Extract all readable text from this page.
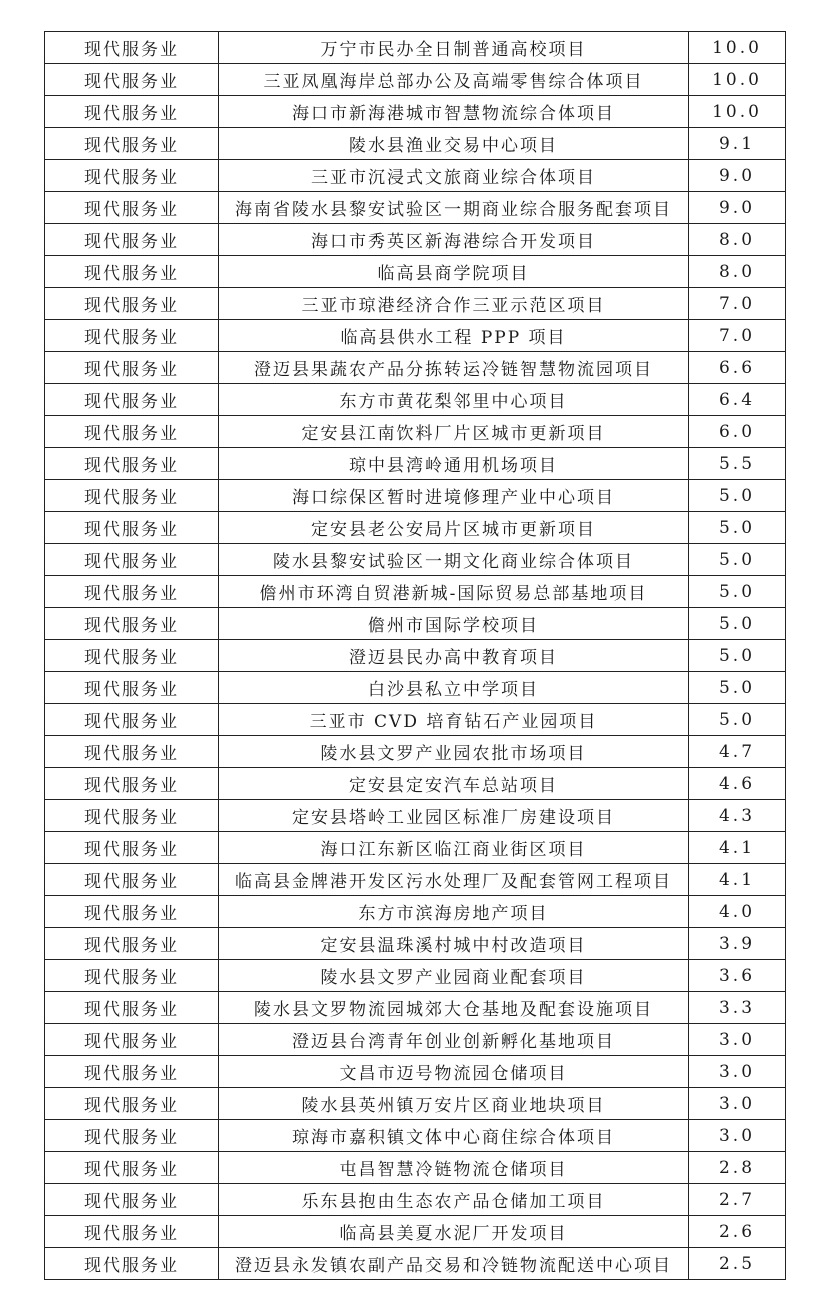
现代服务业	万宁市民办全日制普通高校项目	10.0
现代服务业	三亚凤凰海岸总部办公及高端零售综合体项目	10.0
现代服务业	海口市新海港城市智慧物流综合体项目	10.0
现代服务业	陵水县渔业交易中心项目	9.1
现代服务业	三亚市沉浸式文旅商业综合体项目	9.0
现代服务业	海南省陵水县黎安试验区一期商业综合服务配套项目	9.0
现代服务业	海口市秀英区新海港综合开发项目	8.0
现代服务业	临高县商学院项目	8.0
现代服务业	三亚市琼港经济合作三亚示范区项目	7.0
现代服务业	临高县供水工程 PPP 项目	7.0
现代服务业	澄迈县果蔬农产品分拣转运冷链智慧物流园项目	6.6
现代服务业	东方市黄花梨邻里中心项目	6.4
现代服务业	定安县江南饮料厂片区城市更新项目	6.0
现代服务业	琼中县湾岭通用机场项目	5.5
现代服务业	海口综保区暂时进境修理产业中心项目	5.0
现代服务业	定安县老公安局片区城市更新项目	5.0
现代服务业	陵水县黎安试验区一期文化商业综合体项目	5.0
现代服务业	儋州市环湾自贸港新城-国际贸易总部基地项目	5.0
现代服务业	儋州市国际学校项目	5.0
现代服务业	澄迈县民办高中教育项目	5.0
现代服务业	白沙县私立中学项目	5.0
现代服务业	三亚市 CVD 培育钻石产业园项目	5.0
现代服务业	陵水县文罗产业园农批市场项目	4.7
现代服务业	定安县定安汽车总站项目	4.6
现代服务业	定安县塔岭工业园区标准厂房建设项目	4.3
现代服务业	海口江东新区临江商业街区项目	4.1
现代服务业	临高县金牌港开发区污水处理厂及配套管网工程项目	4.1
现代服务业	东方市滨海房地产项目	4.0
现代服务业	定安县温珠溪村城中村改造项目	3.9
现代服务业	陵水县文罗产业园商业配套项目	3.6
现代服务业	陵水县文罗物流园城郊大仓基地及配套设施项目	3.3
现代服务业	澄迈县台湾青年创业创新孵化基地项目	3.0
现代服务业	文昌市迈号物流园仓储项目	3.0
现代服务业	陵水县英州镇万安片区商业地块项目	3.0
现代服务业	琼海市嘉积镇文体中心商住综合体项目	3.0
现代服务业	屯昌智慧冷链物流仓储项目	2.8
现代服务业	乐东县抱由生态农产品仓储加工项目	2.7
现代服务业	临高县美夏水泥厂开发项目	2.6
现代服务业	澄迈县永发镇农副产品交易和冷链物流配送中心项目	2.5
